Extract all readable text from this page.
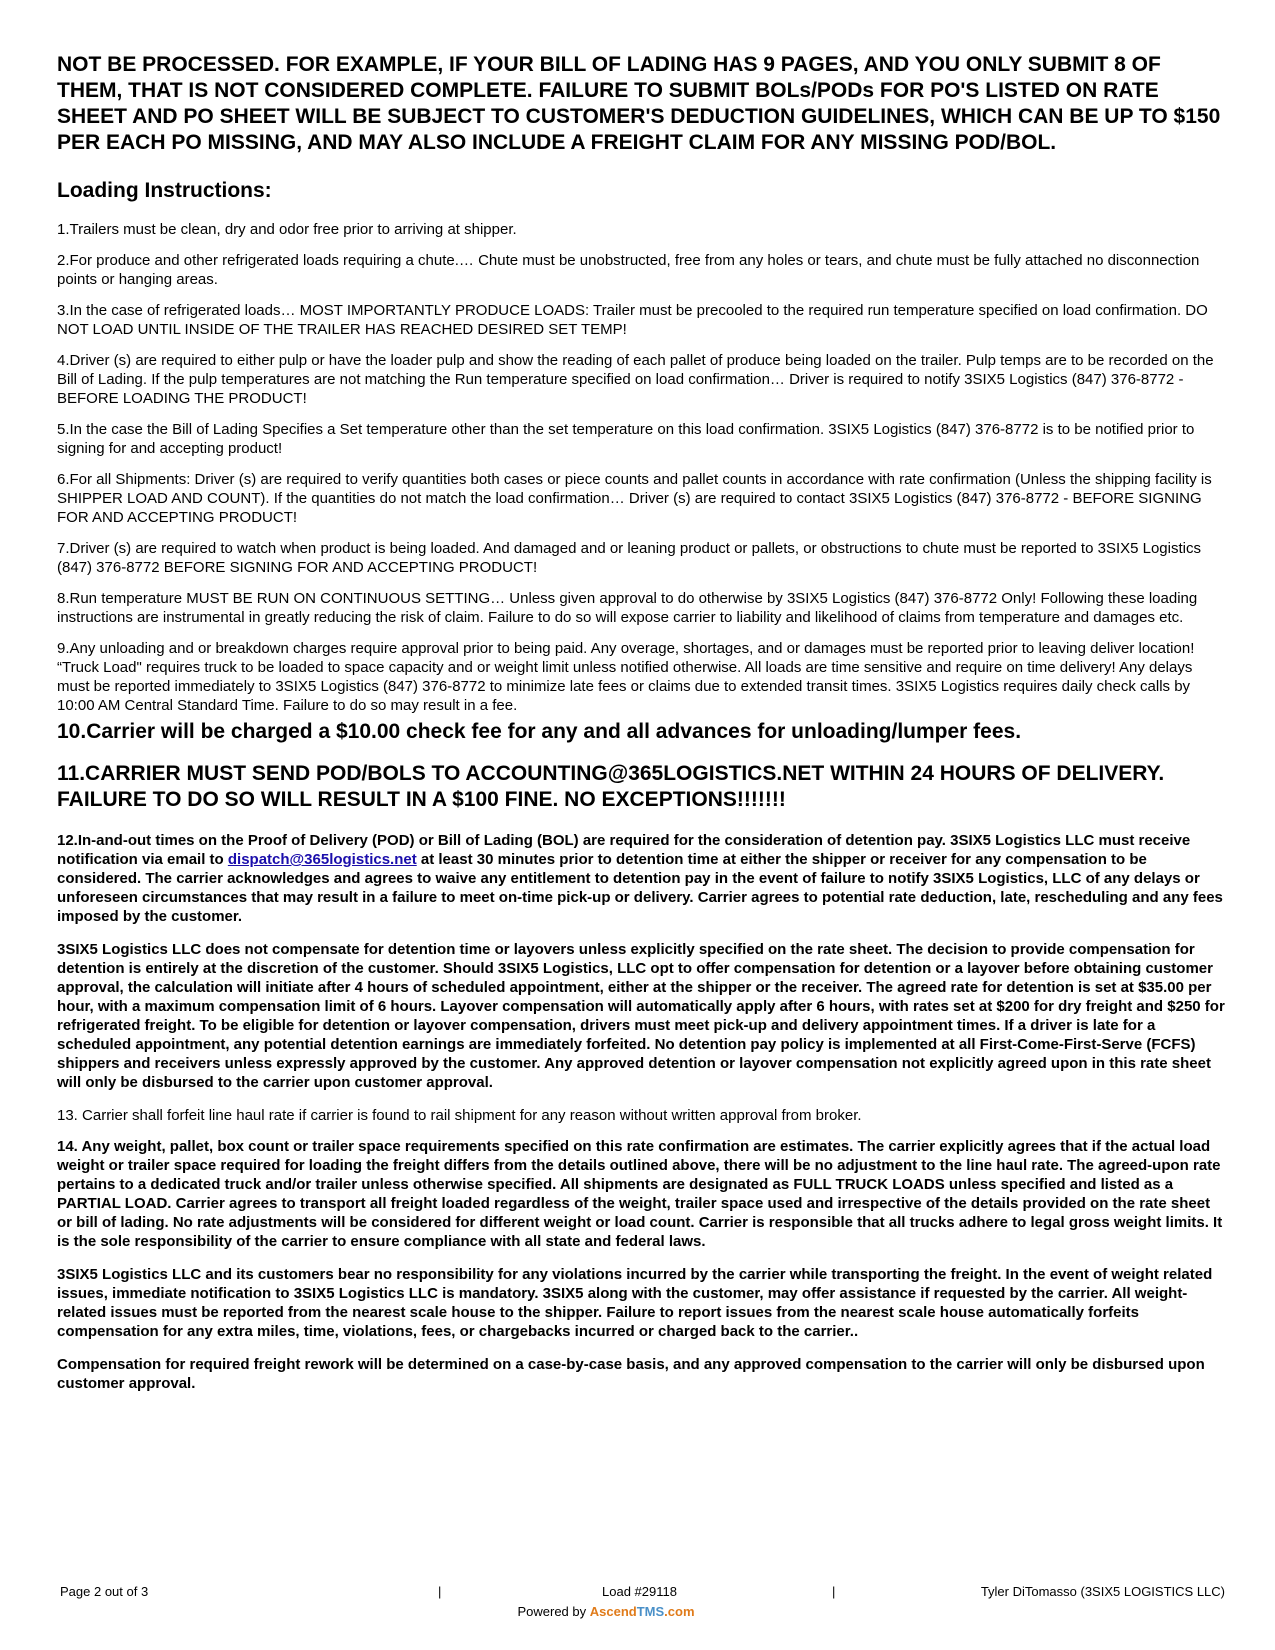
NOT BE PROCESSED. FOR EXAMPLE, IF YOUR BILL OF LADING HAS 9 PAGES, AND YOU ONLY SUBMIT 8 OF THEM, THAT IS NOT CONSIDERED COMPLETE. FAILURE TO SUBMIT BOLs/PODs FOR PO'S LISTED ON RATE SHEET AND PO SHEET WILL BE SUBJECT TO CUSTOMER'S DEDUCTION GUIDELINES, WHICH CAN BE UP TO $150 PER EACH PO MISSING, AND MAY ALSO INCLUDE A FREIGHT CLAIM FOR ANY MISSING POD/BOL.
Loading Instructions:

1.Trailers must be clean, dry and odor free prior to arriving at shipper.

2.For produce and other refrigerated loads requiring a chute.… Chute must be unobstructed, free from any holes or tears, and chute must be fully attached no disconnection points or hanging areas.

3.In the case of refrigerated loads… MOST IMPORTANTLY PRODUCE LOADS: Trailer must be precooled to the required run temperature specified on load confirmation. DO NOT LOAD UNTIL INSIDE OF THE TRAILER HAS REACHED DESIRED SET TEMP!

4.Driver (s) are required to either pulp or have the loader pulp and show the reading of each pallet of produce being loaded on the trailer. Pulp temps are to be recorded on the Bill of Lading. If the pulp temperatures are not matching the Run temperature specified on load confirmation… Driver is required to notify 3SIX5 Logistics (847) 376-8772 - BEFORE LOADING THE PRODUCT!

5.In the case the Bill of Lading Specifies a Set temperature other than the set temperature on this load confirmation. 3SIX5 Logistics (847) 376-8772 is to be notified prior to signing for and accepting product!

6.For all Shipments: Driver (s) are required to verify quantities both cases or piece counts and pallet counts in accordance with rate confirmation (Unless the shipping facility is SHIPPER LOAD AND COUNT). If the quantities do not match the load confirmation… Driver (s) are required to contact 3SIX5 Logistics (847) 376-8772 - BEFORE SIGNING FOR AND ACCEPTING PRODUCT!

7.Driver (s) are required to watch when product is being loaded. And damaged and or leaning product or pallets, or obstructions to chute must be reported to 3SIX5 Logistics (847) 376-8772 BEFORE SIGNING FOR AND ACCEPTING PRODUCT!

8.Run temperature MUST BE RUN ON CONTINUOUS SETTING… Unless given approval to do otherwise by 3SIX5 Logistics (847) 376-8772 Only! Following these loading instructions are instrumental in greatly reducing the risk of claim. Failure to do so will expose carrier to liability and likelihood of claims from temperature and damages etc.

9.Any unloading and or breakdown charges require approval prior to being paid. Any overage, shortages, and or damages must be reported prior to leaving deliver location! “Truck Load" requires truck to be loaded to space capacity and or weight limit unless notified otherwise. All loads are time sensitive and require on time delivery! Any delays must be reported immediately to 3SIX5 Logistics (847) 376-8772 to minimize late fees or claims due to extended transit times. 3SIX5 Logistics requires daily check calls by 10:00 AM Central Standard Time. Failure to do so may result in a fee.

10.Carrier will be charged a $10.00 check fee for any and all advances for unloading/lumper fees.

11.CARRIER MUST SEND POD/BOLS TO ACCOUNTING@365LOGISTICS.NET WITHIN 24 HOURS OF DELIVERY. FAILURE TO DO SO WILL RESULT IN A $100 FINE. NO EXCEPTIONS!!!!!!!

12.In-and-out times on the Proof of Delivery (POD) or Bill of Lading (BOL) are required for the consideration of detention pay. 3SIX5 Logistics LLC must receive notification via email to dispatch@365logistics.net at least 30 minutes prior to detention time at either the shipper or receiver for any compensation to be considered. The carrier acknowledges and agrees to waive any entitlement to detention pay in the event of failure to notify 3SIX5 Logistics, LLC of any delays or unforeseen circumstances that may result in a failure to meet on-time pick-up or delivery. Carrier agrees to potential rate deduction, late, rescheduling and any fees imposed by the customer.

3SIX5 Logistics LLC does not compensate for detention time or layovers unless explicitly specified on the rate sheet. The decision to provide compensation for detention is entirely at the discretion of the customer. Should 3SIX5 Logistics, LLC opt to offer compensation for detention or a layover before obtaining customer approval, the calculation will initiate after 4 hours of scheduled appointment, either at the shipper or the receiver. The agreed rate for detention is set at $35.00 per hour, with a maximum compensation limit of 6 hours. Layover compensation will automatically apply after 6 hours, with rates set at $200 for dry freight and $250 for refrigerated freight. To be eligible for detention or layover compensation, drivers must meet pick-up and delivery appointment times. If a driver is late for a scheduled appointment, any potential detention earnings are immediately forfeited. No detention pay policy is implemented at all First-Come-First-Serve (FCFS) shippers and receivers unless expressly approved by the customer. Any approved detention or layover compensation not explicitly agreed upon in this rate sheet will only be disbursed to the carrier upon customer approval.

13. Carrier shall forfeit line haul rate if carrier is found to rail shipment for any reason without written approval from broker.

14. Any weight, pallet, box count or trailer space requirements specified on this rate confirmation are estimates. The carrier explicitly agrees that if the actual load weight or trailer space required for loading the freight differs from the details outlined above, there will be no adjustment to the line haul rate. The agreed-upon rate pertains to a dedicated truck and/or trailer unless otherwise specified. All shipments are designated as FULL TRUCK LOADS unless specified and listed as a PARTIAL LOAD. Carrier agrees to transport all freight loaded regardless of the weight, trailer space used and irrespective of the details provided on the rate sheet or bill of lading. No rate adjustments will be considered for different weight or load count. Carrier is responsible that all trucks adhere to legal gross weight limits. It is the sole responsibility of the carrier to ensure compliance with all state and federal laws.

3SIX5 Logistics LLC and its customers bear no responsibility for any violations incurred by the carrier while transporting the freight. In the event of weight related issues, immediate notification to 3SIX5 Logistics LLC is mandatory. 3SIX5 along with the customer, may offer assistance if requested by the carrier. All weight-related issues must be reported from the nearest scale house to the shipper. Failure to report issues from the nearest scale house automatically forfeits compensation for any extra miles, time, violations, fees, or chargebacks incurred or charged back to the carrier..

Compensation for required freight rework will be determined on a case-by-case basis, and any approved compensation to the carrier will only be disbursed upon customer approval.

Page 2 out of 3	|	Load #29118	|	Tyler DiTomasso (3SIX5 LOGISTICS LLC)
Powered by AscendTMS.com
